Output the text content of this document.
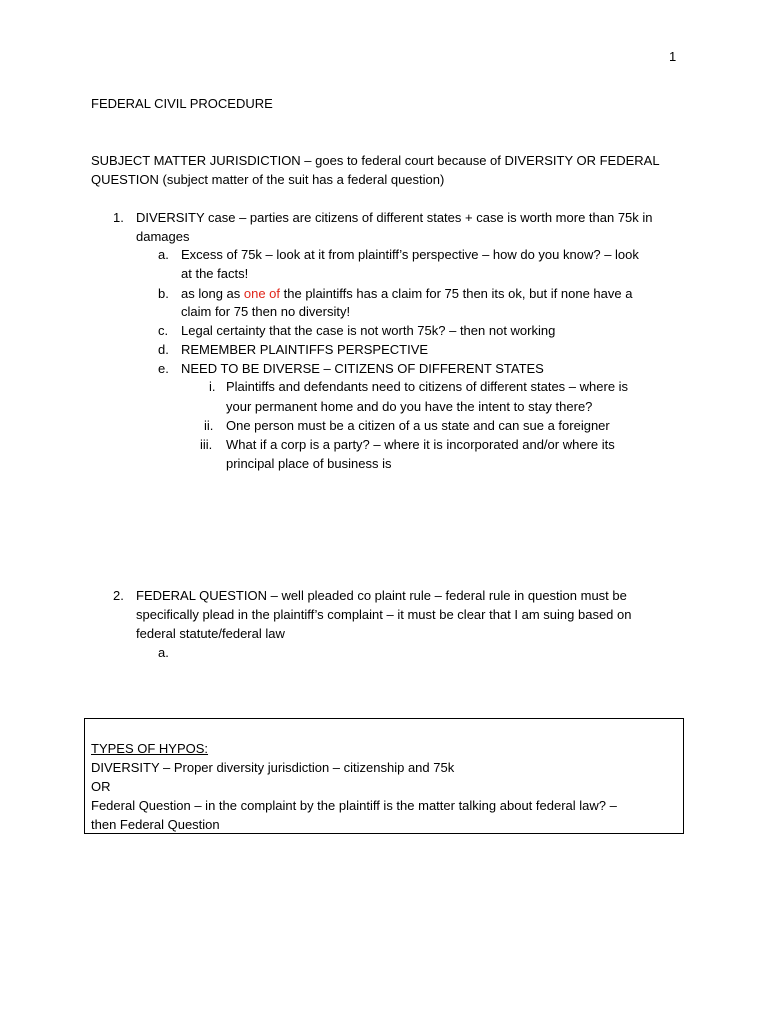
1
FEDERAL CIVIL PROCEDURE
SUBJECT MATTER JURISDICTION – goes to federal court because of DIVERSITY OR FEDERAL
QUESTION (subject matter of the suit has a federal question)
1. DIVERSITY case – parties are citizens of different states + case is worth more than 75k in
damages
a. Excess of 75k – look at it from plaintiff’s perspective – how do you know? – look
at the facts!
b. as long as one of the plaintiffs has a claim for 75 then its ok, but if none have a
claim for 75 then no diversity!
c. Legal certainty that the case is not worth 75k? – then not working
d. REMEMBER PLAINTIFFS PERSPECTIVE
e. NEED TO BE DIVERSE – CITIZENS OF DIFFERENT STATES
i. Plaintiffs and defendants need to citizens of different states – where is
your permanent home and do you have the intent to stay there?
ii. One person must be a citizen of a us state and can sue a foreigner
iii. What if a corp is a party? – where it is incorporated and/or where its
principal place of business is
2. FEDERAL QUESTION – well pleaded co plaint rule – federal rule in question must be
specifically plead in the plaintiff’s complaint – it must be clear that I am suing based on
federal statute/federal law
a.
TYPES OF HYPOS:
DIVERSITY – Proper diversity jurisdiction – citizenship and 75k
OR
Federal Question – in the complaint by the plaintiff is the matter talking about federal law? –
then Federal Question
